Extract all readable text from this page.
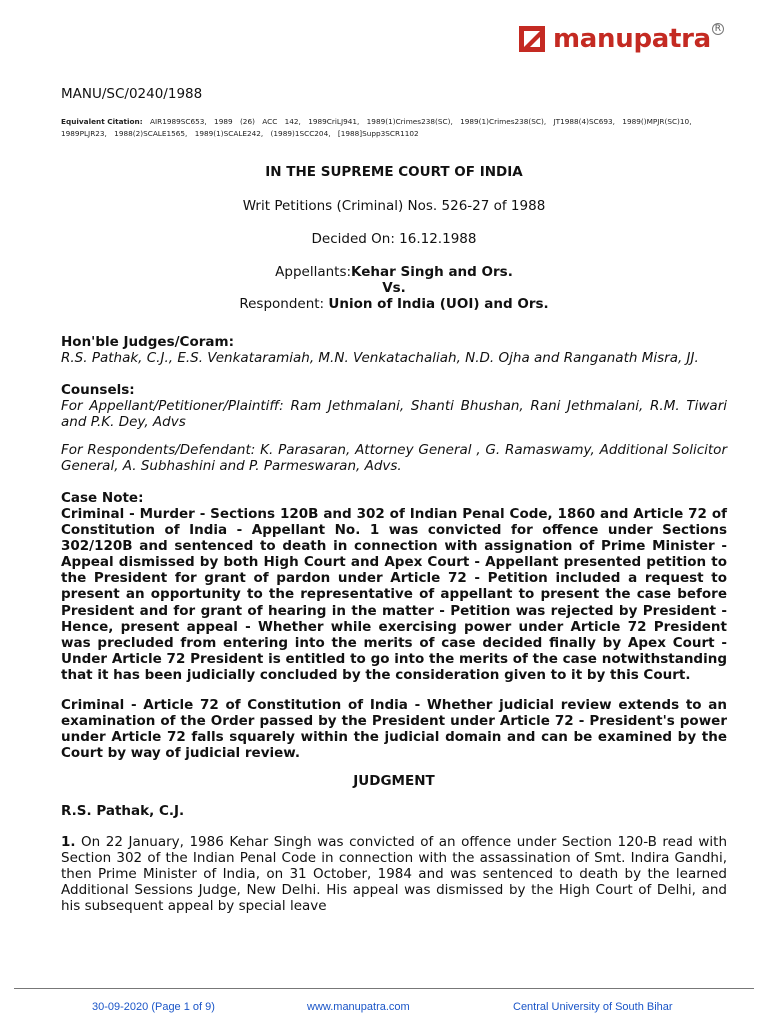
manupatra R
MANU/SC/0240/1988
Equivalent Citation: AIR1989SC653, 1989 (26) ACC 142, 1989CriLJ941, 1989(1)Crimes238(SC), 1989(1)Crimes238(SC), JT1988(4)SC693, 1989()MPJR(SC)10, 1989PLJR23, 1988(2)SCALE1565, 1989(1)SCALE242, (1989)1SCC204, [1988]Supp3SCR1102
IN THE SUPREME COURT OF INDIA
Writ Petitions (Criminal) Nos. 526-27 of 1988
Decided On: 16.12.1988
Appellants:Kehar Singh and Ors.
Vs.
Respondent: Union of India (UOI) and Ors.
Hon'ble Judges/Coram:
R.S. Pathak, C.J., E.S. Venkataramiah, M.N. Venkatachaliah, N.D. Ojha and Ranganath Misra, JJ.
Counsels:
For Appellant/Petitioner/Plaintiff: Ram Jethmalani, Shanti Bhushan, Rani Jethmalani, R.M. Tiwari and P.K. Dey, Advs
For Respondents/Defendant: K. Parasaran, Attorney General , G. Ramaswamy, Additional Solicitor General, A. Subhashini and P. Parmeswaran, Advs.
Case Note:
Criminal - Murder - Sections 120B and 302 of Indian Penal Code, 1860 and Article 72 of Constitution of India - Appellant No. 1 was convicted for offence under Sections 302/120B and sentenced to death in connection with assignation of Prime Minister - Appeal dismissed by both High Court and Apex Court - Appellant presented petition to the President for grant of pardon under Article 72 - Petition included a request to present an opportunity to the representative of appellant to present the case before President and for grant of hearing in the matter - Petition was rejected by President - Hence, present appeal - Whether while exercising power under Article 72 President was precluded from entering into the merits of case decided finally by Apex Court - Under Article 72 President is entitled to go into the merits of the case notwithstanding that it has been judicially concluded by the consideration given to it by this Court.
Criminal - Article 72 of Constitution of India - Whether judicial review extends to an examination of the Order passed by the President under Article 72 - President's power under Article 72 falls squarely within the judicial domain and can be examined by the Court by way of judicial review.
JUDGMENT
R.S. Pathak, C.J.
1. On 22 January, 1986 Kehar Singh was convicted of an offence under Section 120-B read with Section 302 of the Indian Penal Code in connection with the assassination of Smt. Indira Gandhi, then Prime Minister of India, on 31 October, 1984 and was sentenced to death by the learned Additional Sessions Judge, New Delhi. His appeal was dismissed by the High Court of Delhi, and his subsequent appeal by special leave
30-09-2020 (Page 1 of 9)	www.manupatra.com	Central University of South Bihar
